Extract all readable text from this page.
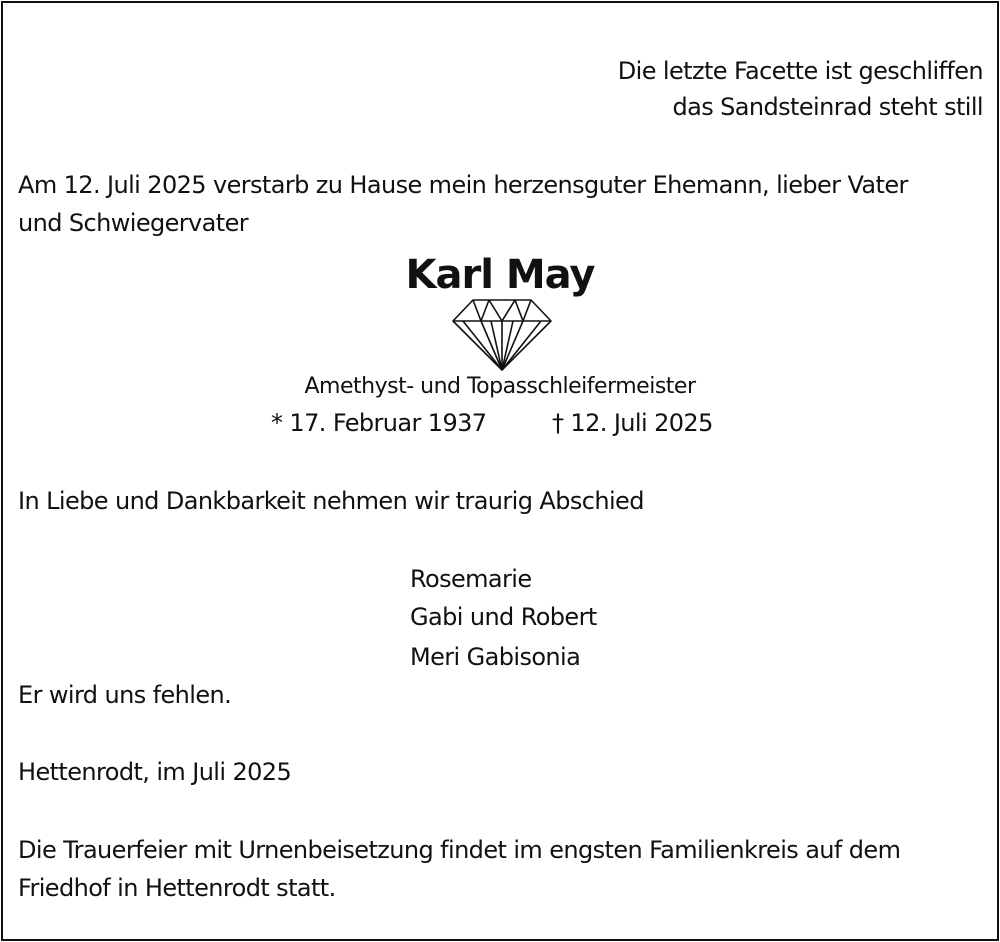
Die letzte Facette ist geschliffen
das Sandsteinrad steht still
Am 12. Juli 2025 verstarb zu Hause mein herzensguter Ehemann, lieber Vater
und Schwiegervater
Karl May
Amethyst- und Topasschleifermeister
* 17. Februar 1937	† 12. Juli 2025
In Liebe und Dankbarkeit nehmen wir traurig Abschied
Rosemarie
Gabi und Robert
Meri Gabisonia
Er wird uns fehlen.
Hettenrodt, im Juli 2025
Die Trauerfeier mit Urnenbeisetzung findet im engsten Familienkreis auf dem
Friedhof in Hettenrodt statt.
